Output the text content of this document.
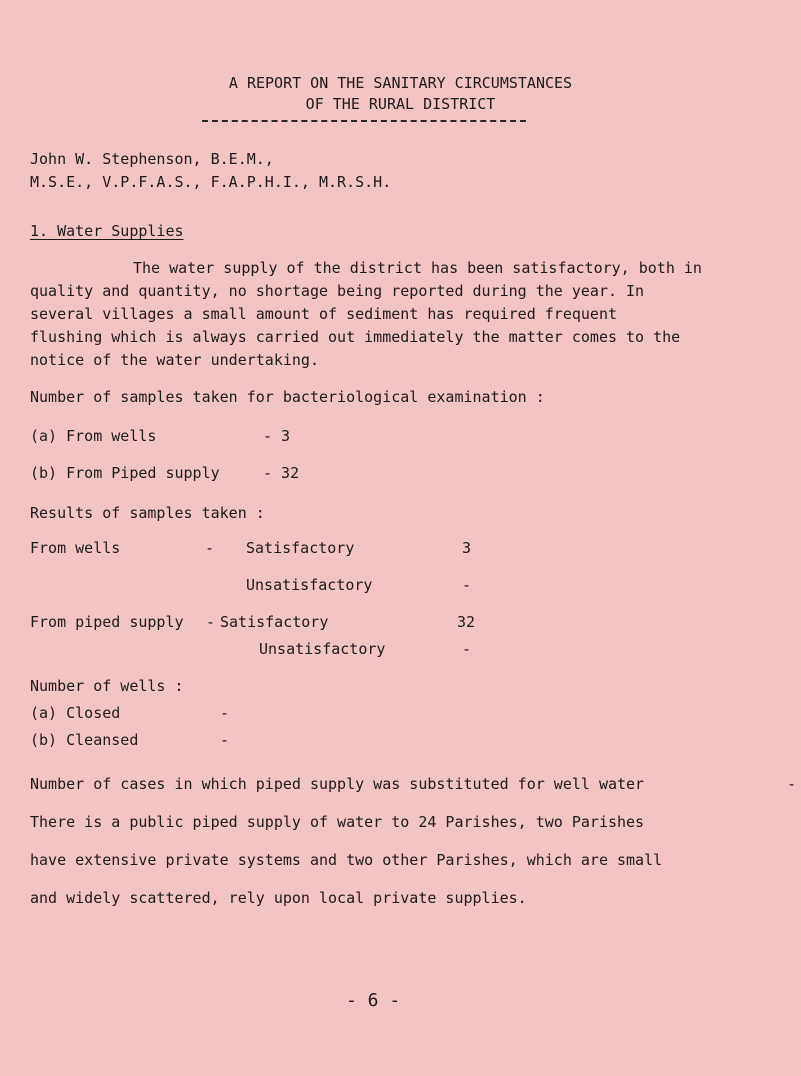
A REPORT ON THE SANITARY CIRCUMSTANCES
OF THE RURAL DISTRICT
John W. Stephenson, B.E.M.,
M.S.E., V.P.F.A.S., F.A.P.H.I., M.R.S.H.
1. Water Supplies
The water supply of the district has been satisfactory, both in
quality and quantity, no shortage being reported during the year. In
several villages a small amount of sediment has required frequent
flushing which is always carried out immediately the matter comes to the
notice of the water undertaking.
Number of samples taken for bacteriological examination :
(a) From wells	- 3
(b) From Piped supply	- 32
Results of samples taken :
From wells	- Satisfactory	3
Unsatisfactory	-
From piped supply - Satisfactory	32
Unsatisfactory	-
Number of wells :
(a) Closed	-
(b) Cleansed	-
Number of cases in which piped supply was substituted for well water	-
There is a public piped supply of water to 24 Parishes, two Parishes
have extensive private systems and two other Parishes, which are small
and widely scattered, rely upon local private supplies.
- 6 -
